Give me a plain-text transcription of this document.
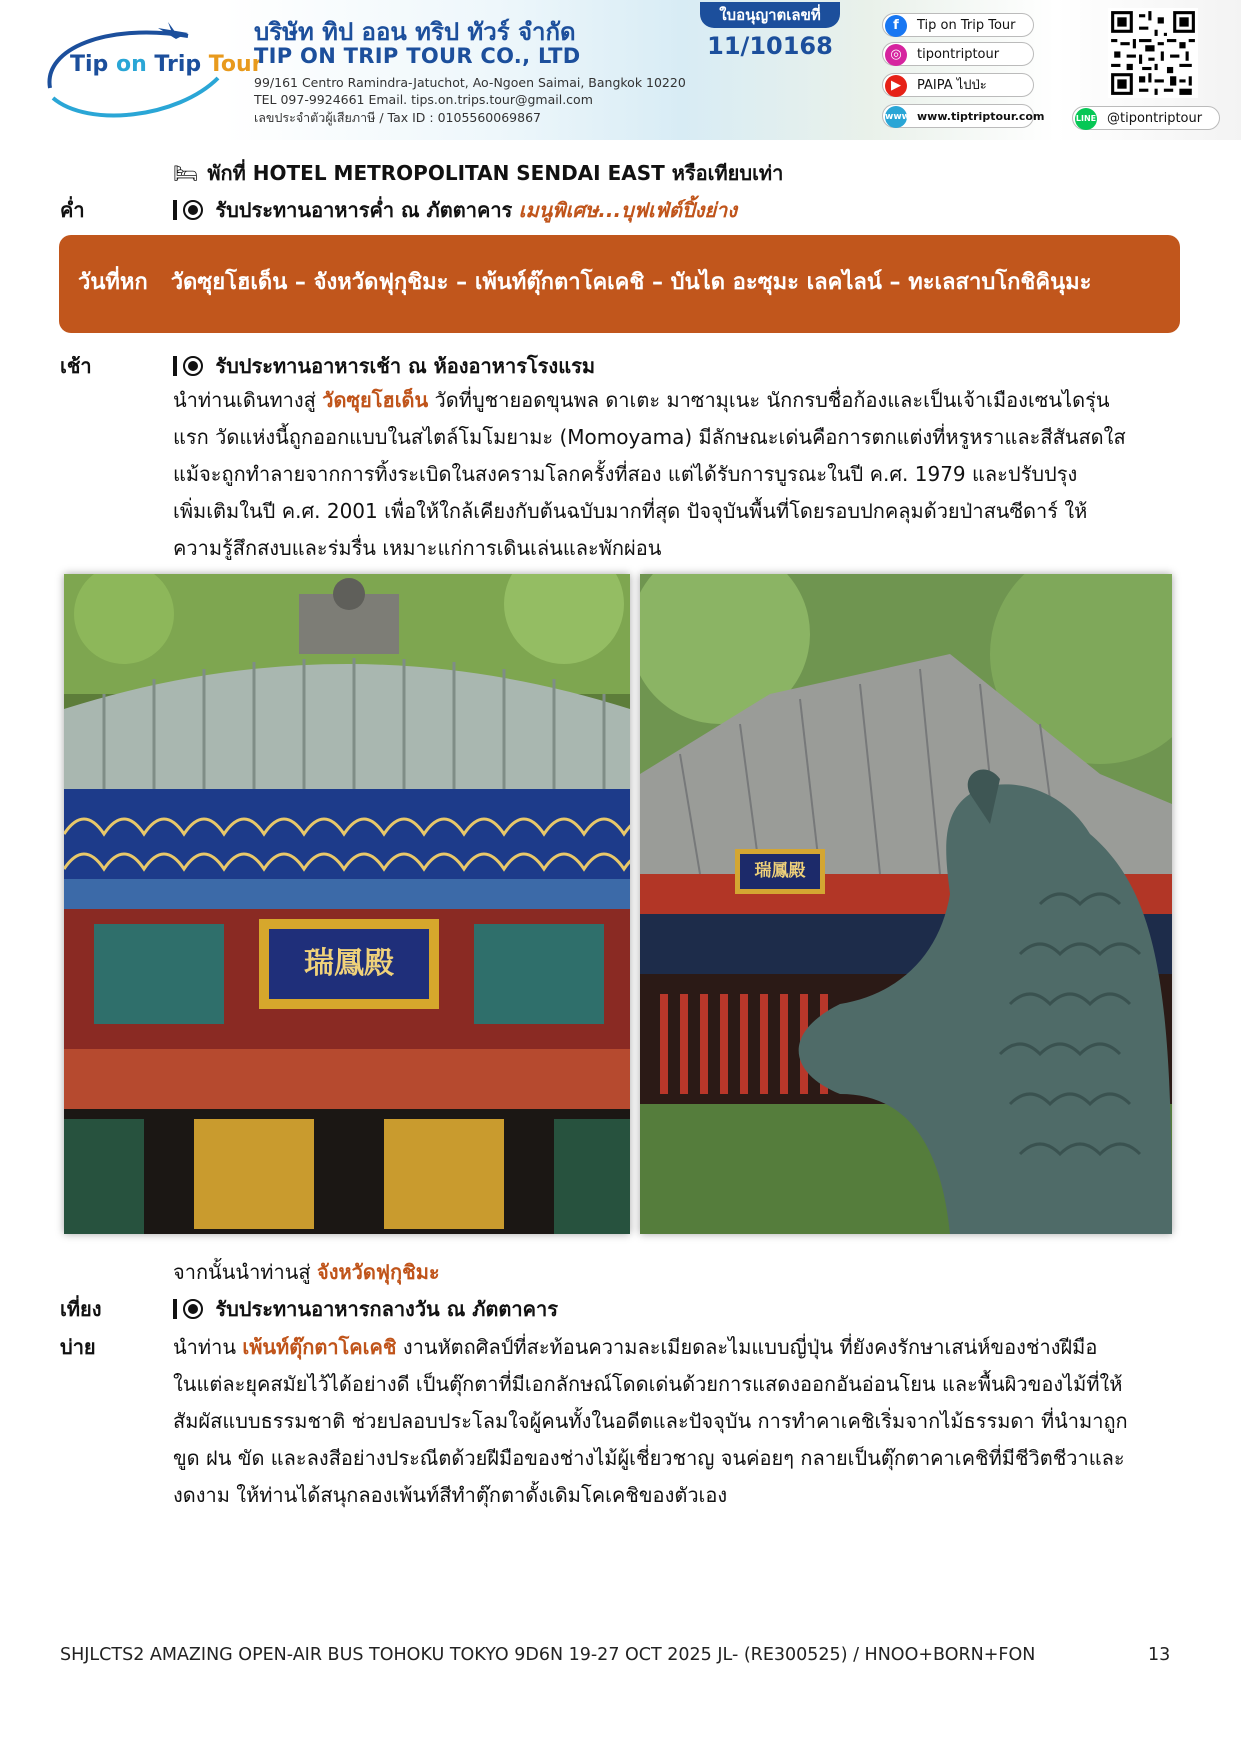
Tip on Trip Tour
บริษัท ทิป ออน ทริป ทัวร์ จำกัด
TIP ON TRIP TOUR CO., LTD
99/161 Centro Ramindra-Jatuchot, Ao-Ngoen Saimai, Bangkok 10220
TEL 097-9924661 Email. tips.on.trips.tour@gmail.com
เลขประจำตัวผู้เสียภาษี / Tax ID : 0105560069867
ใบอนุญาตเลขที่
11/10168
f	Tip on Trip Tour
◎	tipontriptour
▶	PAIPA ไปป่ะ
www www.tiptriptour.com	LINE @tipontriptour
🛏 พักที่ HOTEL METROPOLITAN SENDAI EAST หรือเทียบเท่า
ค่ำ	รับประทานอาหารค่ำ ณ ภัตตาคาร เมนูพิเศษ...บุฟเฟ่ต์ปิ้งย่าง
วันที่หก วัดซุยโฮเด็น – จังหวัดฟุกุชิมะ – เพ้นท์ตุ๊กตาโคเคชิ – บันได อะซุมะ เลคไลน์ – ทะเลสาบโกชิคินุมะ
เช้า	รับประทานอาหารเช้า ณ ห้องอาหารโรงแรม
นำท่านเดินทางสู่ วัดซุยโฮเด็น วัดที่บูชายอดขุนพล ดาเตะ มาซามุเนะ นักกรบชื่อก้องและเป็นเจ้าเมืองเซนไดรุ่น
แรก วัดแห่งนี้ถูกออกแบบในสไตล์โมโมยามะ (Momoyama) มีลักษณะเด่นคือการตกแต่งที่หรูหราและสีสันสดใส
แม้จะถูกทำลายจากการทิ้งระเบิดในสงครามโลกครั้งที่สอง แต่ได้รับการบูรณะในปี ค.ศ. 1979 และปรับปรุง
เพิ่มเติมในปี ค.ศ. 2001 เพื่อให้ใกล้เคียงกับต้นฉบับมากที่สุด ปัจจุบันพื้นที่โดยรอบปกคลุมด้วยป่าสนซีดาร์ ให้
ความรู้สึกสงบและร่มรื่น เหมาะแก่การเดินเล่นและพักผ่อน
瑞鳳殿
瑞鳳殿
จากนั้นนำท่านสู่ จังหวัดฟุกุชิมะ
เที่ยง	รับประทานอาหารกลางวัน ณ ภัตตาคาร
บ่าย	นำท่าน เพ้นท์ตุ๊กตาโคเคชิ งานหัตถศิลป์ที่สะท้อนความละเมียดละไมแบบญี่ปุ่น ที่ยังคงรักษาเสน่ห์ของช่างฝีมือ
ในแต่ละยุคสมัยไว้ได้อย่างดี เป็นตุ๊กตาที่มีเอกลักษณ์โดดเด่นด้วยการแสดงออกอันอ่อนโยน และพื้นผิวของไม้ที่ให้
สัมผัสแบบธรรมชาติ ช่วยปลอบประโลมใจผู้คนทั้งในอดีตและปัจจุบัน การทำคาเคชิเริ่มจากไม้ธรรมดา ที่นำมาถูก
ขูด ฝน ขัด และลงสีอย่างประณีตด้วยฝีมือของช่างไม้ผู้เชี่ยวชาญ จนค่อยๆ กลายเป็นตุ๊กตาคาเคชิที่มีชีวิตชีวาและ
งดงาม ให้ท่านได้สนุกลองเพ้นท์สีทำตุ๊กตาดั้งเดิมโคเคชิของตัวเอง
SHJLCTS2 AMAZING OPEN-AIR BUS TOHOKU TOKYO 9D6N 19-27 OCT 2025 JL- (RE300525) / HNOO+BORN+FON	13
